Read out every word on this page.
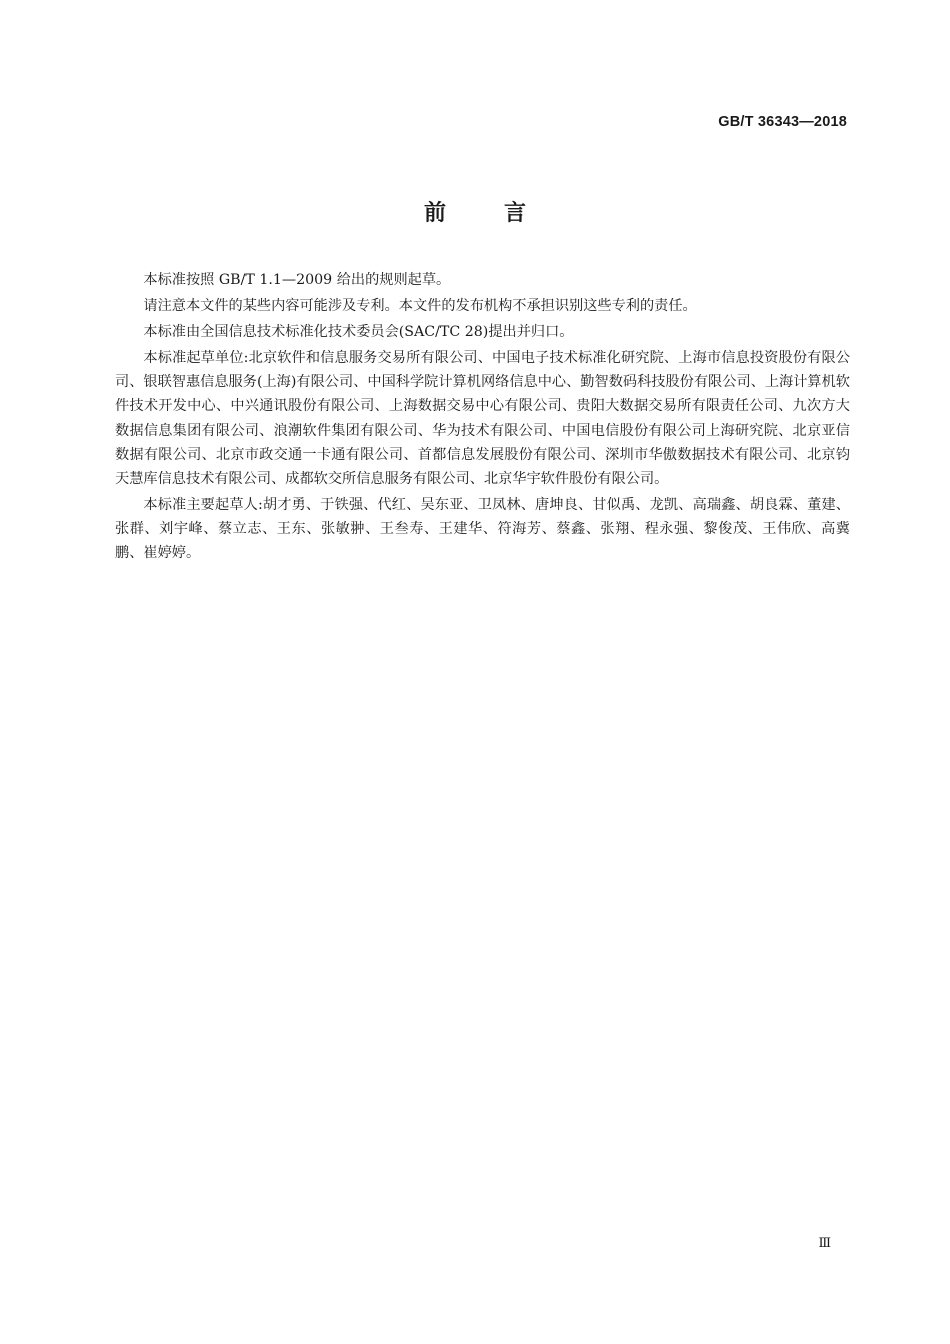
GB/T 36343—2018
前	言

本标准按照 GB/T 1.1—2009 给出的规则起草。

请注意本文件的某些内容可能涉及专利。本文件的发布机构不承担识别这些专利的责任。

本标准由全国信息技术标准化技术委员会(SAC/TC 28)提出并归口。

本标准起草单位:北京软件和信息服务交易所有限公司、中国电子技术标准化研究院、上海市信息投资股份有限公司、银联智惠信息服务(上海)有限公司、中国科学院计算机网络信息中心、勤智数码科技股份有限公司、上海计算机软件技术开发中心、中兴通讯股份有限公司、上海数据交易中心有限公司、贵阳大数据交易所有限责任公司、九次方大数据信息集团有限公司、浪潮软件集团有限公司、华为技术有限公司、中国电信股份有限公司上海研究院、北京亚信数据有限公司、北京市政交通一卡通有限公司、首都信息发展股份有限公司、深圳市华傲数据技术有限公司、北京钧天慧库信息技术有限公司、成都软交所信息服务有限公司、北京华宇软件股份有限公司。

本标准主要起草人:胡才勇、于铁强、代红、吴东亚、卫凤林、唐坤良、甘似禹、龙凯、高瑞鑫、胡良霖、董建、张群、刘宇峰、蔡立志、王东、张敏翀、王叁寿、王建华、符海芳、蔡鑫、张翔、程永强、黎俊茂、王伟欣、高冀鹏、崔婷婷。

Ⅲ
